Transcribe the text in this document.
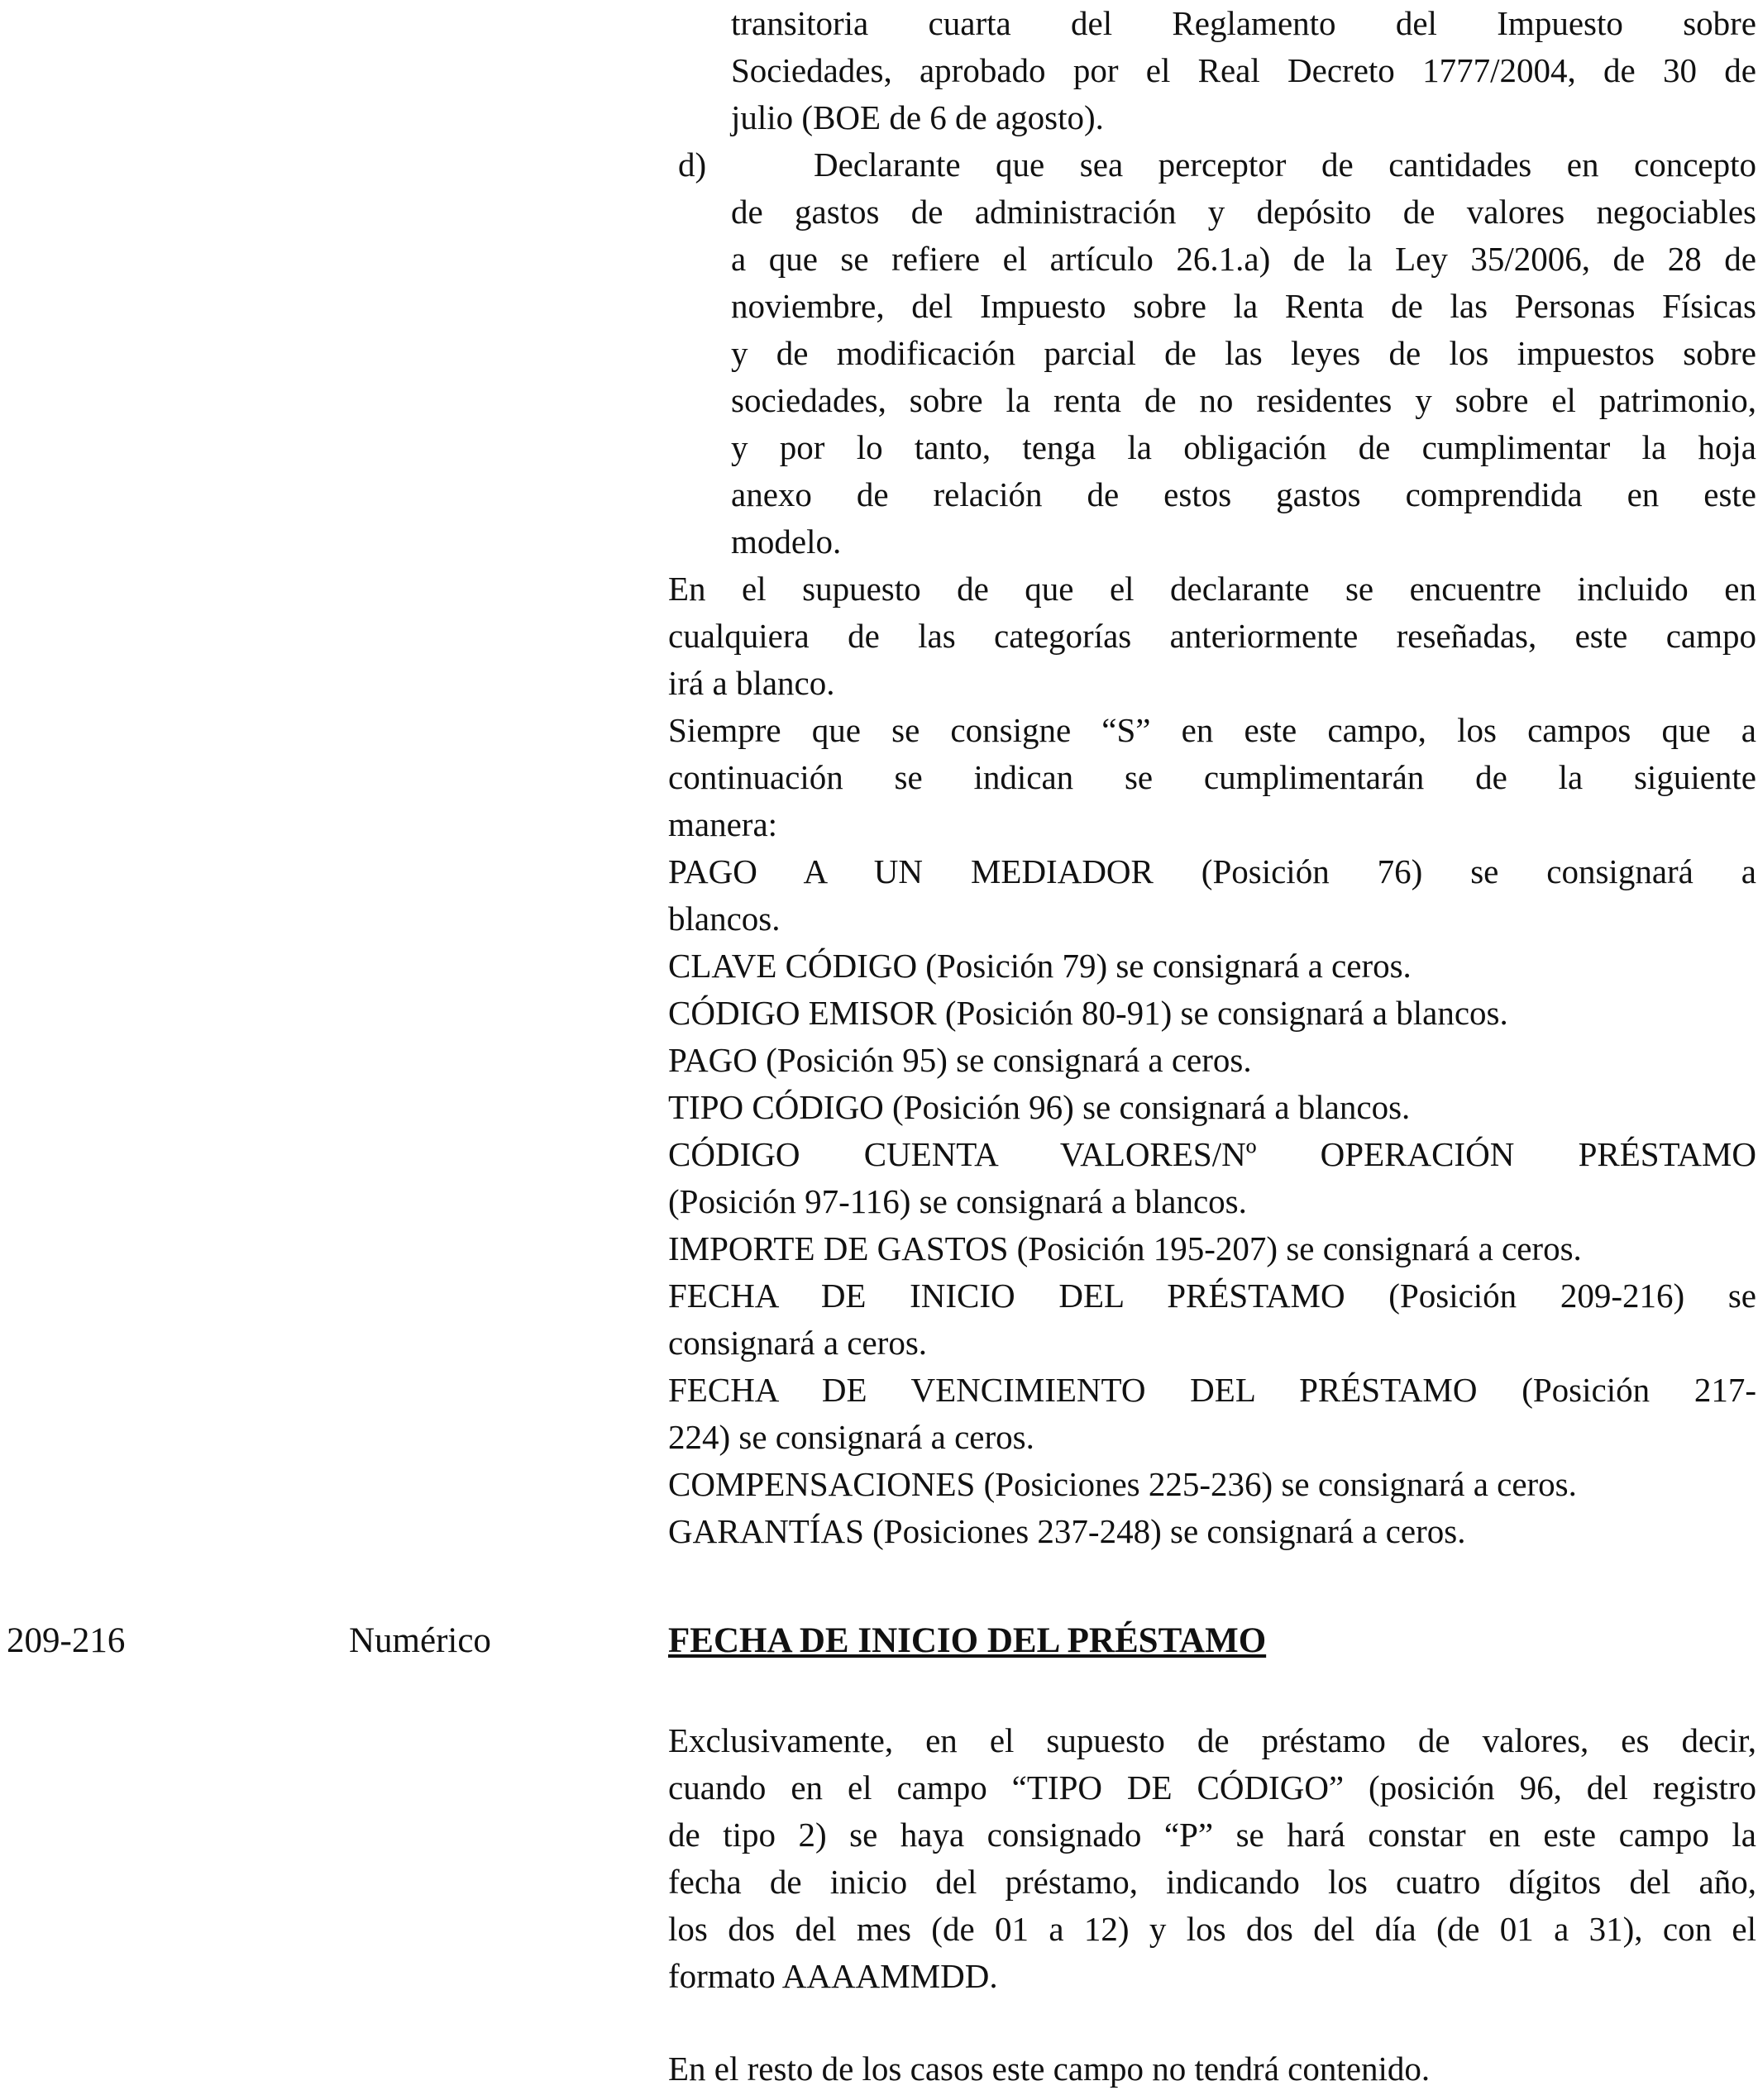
transitoria cuarta del Reglamento del Impuesto sobre
Sociedades, aprobado por el Real Decreto 1777/2004, de 30 de
julio (BOE de 6 de agosto).
d)	Declarante que sea perceptor de cantidades en concepto
de gastos de administración y depósito de valores negociables
a que se refiere el artículo 26.1.a) de la Ley 35/2006, de 28 de
noviembre, del Impuesto sobre la Renta de las Personas Físicas
y de modificación parcial de las leyes de los impuestos sobre
sociedades, sobre la renta de no residentes y sobre el patrimonio,
y por lo tanto, tenga la obligación de cumplimentar la hoja
anexo de relación de estos gastos comprendida en este
modelo.
En el supuesto de que el declarante se encuentre incluido en
cualquiera de las categorías anteriormente reseñadas, este campo
irá a blanco.
Siempre que se consigne “S” en este campo, los campos que a
continuación se indican se cumplimentarán de la siguiente
manera:
PAGO A UN MEDIADOR (Posición 76) se consignará a
blancos.
CLAVE CÓDIGO (Posición 79) se consignará a ceros.
CÓDIGO EMISOR (Posición 80-91) se consignará a blancos.
PAGO (Posición 95) se consignará a ceros.
TIPO CÓDIGO (Posición 96) se consignará a blancos.
CÓDIGO CUENTA VALORES/Nº OPERACIÓN PRÉSTAMO
(Posición 97-116) se consignará a blancos.
IMPORTE DE GASTOS (Posición 195-207) se consignará a ceros.
FECHA DE INICIO DEL PRÉSTAMO (Posición 209-216) se
consignará a ceros.
FECHA DE VENCIMIENTO DEL PRÉSTAMO (Posición 217-
224) se consignará a ceros.
COMPENSACIONES (Posiciones 225-236) se consignará a ceros.
GARANTÍAS (Posiciones 237-248) se consignará a ceros.
209-216	Numérico	FECHA DE INICIO DEL PRÉSTAMO
Exclusivamente, en el supuesto de préstamo de valores, es decir,
cuando en el campo “TIPO DE CÓDIGO” (posición 96, del registro
de tipo 2) se haya consignado “P” se hará constar en este campo la
fecha de inicio del préstamo, indicando los cuatro dígitos del año,
los dos del mes (de 01 a 12) y los dos del día (de 01 a 31), con el
formato AAAAMMDD.
En el resto de los casos este campo no tendrá contenido.
